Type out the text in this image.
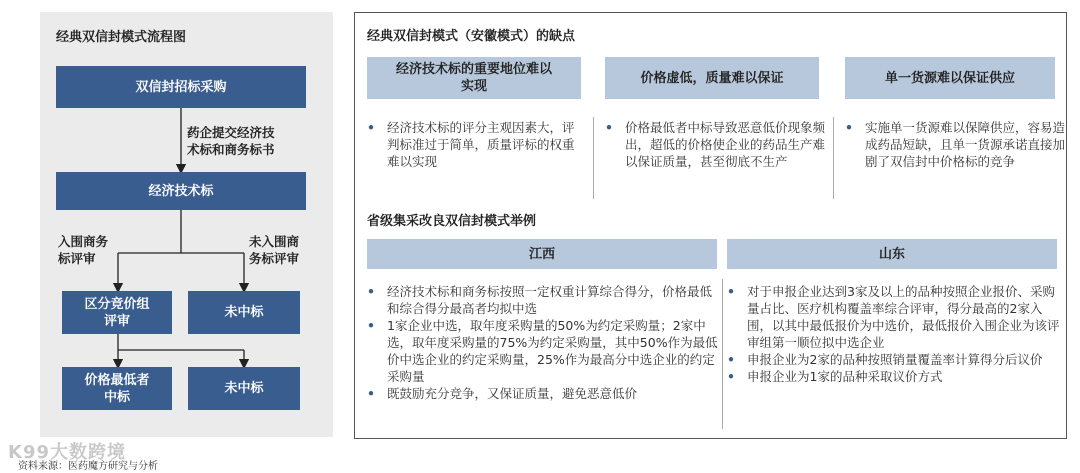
经典双信封模式流程图
双信封招标采购
药企提交经济技
术标和商务标书
经济技术标
入围商务
标评审
未入围商
务标评审
区分竞价组
评审
未中标
价格最低者
中标
未中标
经典双信封模式（安徽模式）的缺点
经济技术标的重要地位难以
实现
价格虚低，质量难以保证	单一货源难以保证供应
• 经济技术标的评分主观因素大，评判标准过于简单，质量评标的权重难以实现
• 价格最低者中标导致恶意低价现象频出，超低的价格使企业的药品生产难以保证质量，甚至彻底不生产
• 实施单一货源难以保障供应，容易造成药品短缺，且单一货源承诺直接加剧了双信封中价格标的竞争
省级集采改良双信封模式举例
江西	山东
• 经济技术标和商务标按照一定权重计算综合得分，价格最低和综合得分最高者均拟中选
• 1家企业中选，取年度采购量的50%为约定采购量；2家中选，取年度采购量的75%为约定采购量，其中50%作为最低价中选企业的约定采购量，25%作为最高分中选企业的约定采购量
• 既鼓励充分竞争，又保证质量，避免恶意低价
• 对于申报企业达到3家及以上的品种按照企业报价、采购量占比、医疗机构覆盖率综合评审，得分最高的2家入围，以其中最低报价为中选价，最低报价入围企业为该评审组第一顺位拟中选企业
• 申报企业为2家的品种按照销量覆盖率计算得分后议价
• 申报企业为1家的品种采取议价方式
K99大数跨境
资料来源：医药魔方研究与分析
